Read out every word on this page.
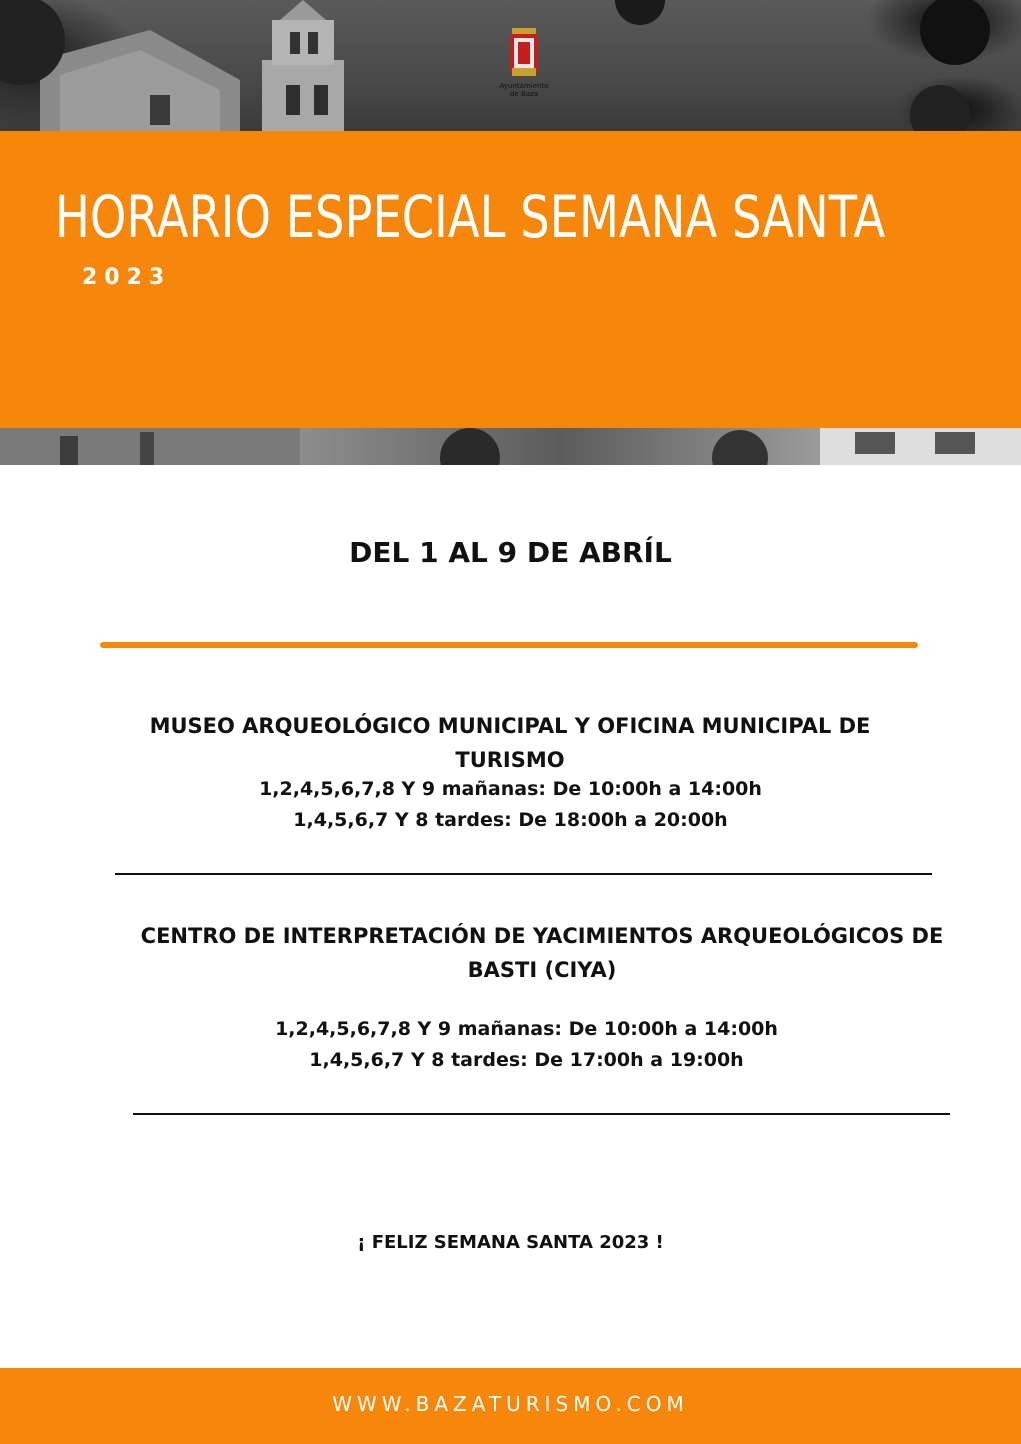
Ayuntamiento
de Baza
HORARIO ESPECIAL SEMANA SANTA
2023
DEL 1 AL 9 DE ABRÍL
MUSEO ARQUEOLÓGICO MUNICIPAL Y OFICINA MUNICIPAL DE
TURISMO
1,2,4,5,6,7,8 Y 9 mañanas: De 10:00h a 14:00h
1,4,5,6,7 Y 8 tardes: De 18:00h a 20:00h
CENTRO DE INTERPRETACIÓN DE YACIMIENTOS ARQUEOLÓGICOS DE
BASTI (CIYA)
1,2,4,5,6,7,8 Y 9 mañanas: De 10:00h a 14:00h
1,4,5,6,7 Y 8 tardes: De 17:00h a 19:00h
¡ FELIZ SEMANA SANTA 2023 !
WWW.BAZATURISMO.COM
